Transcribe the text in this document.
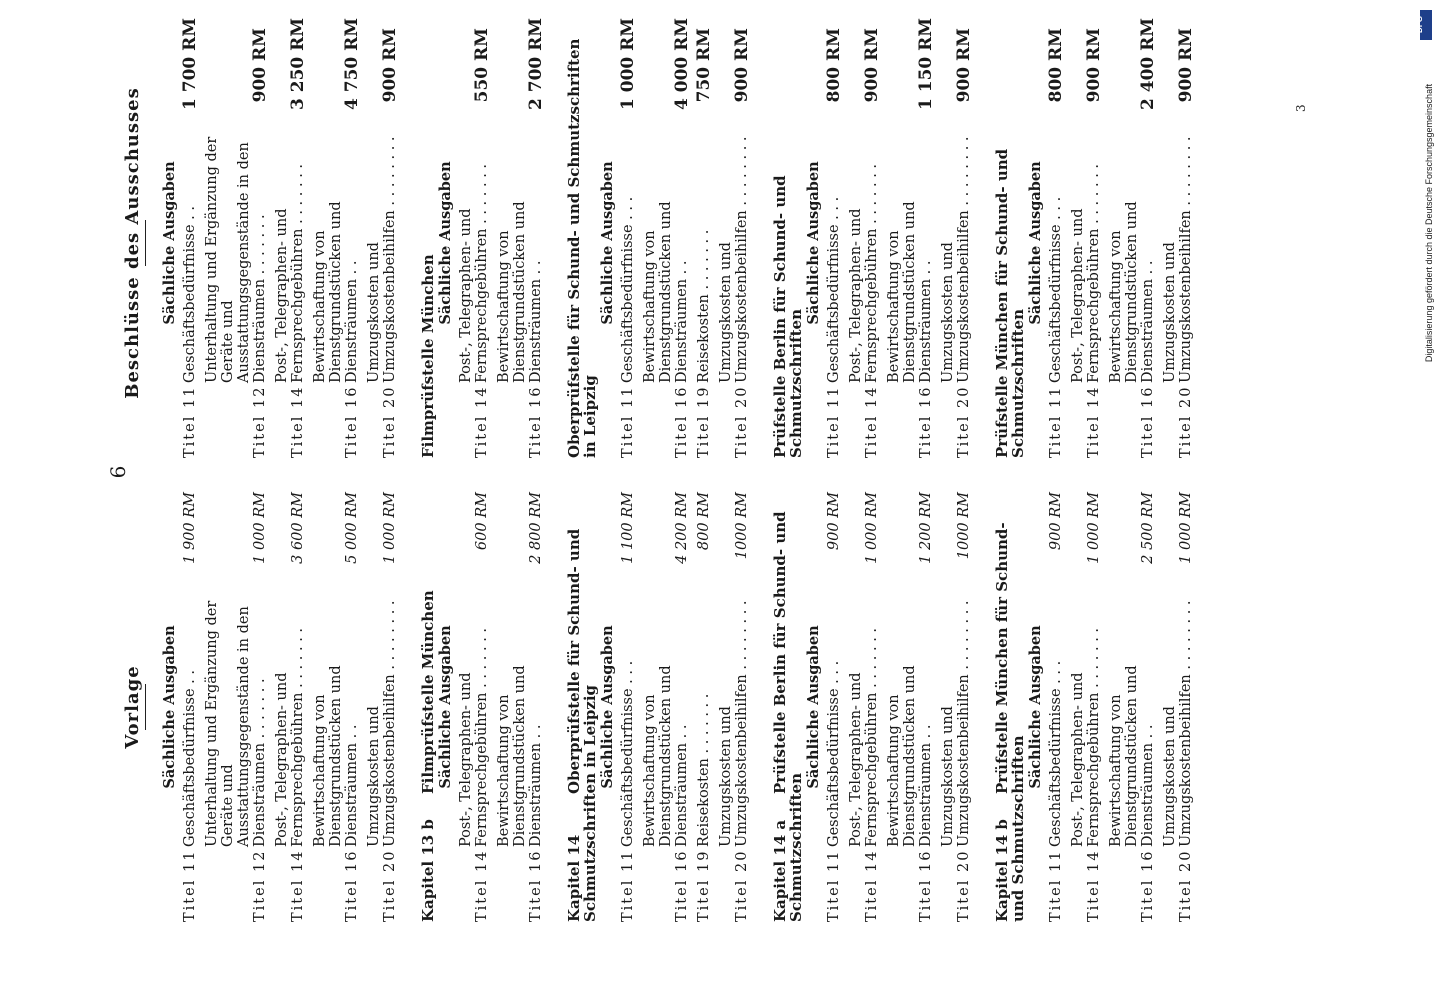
6
Vorlage Sächliche Ausgaben
Titel 11
Geschäftsbedürfnisse . .
1 900 RM
Titel 12
Unterhaltung und Ergänzung der Geräte und Ausstattungsgegenstände in den Diensträumen . . . . . . .
1 000 RM
Titel 14
Post-, Telegraphen- und Fernsprechgebühren . . . . . . .
3 600 RM
Titel 16
Bewirtschaftung von Dienstgrundstücken und Diensträumen . .
5 000 RM
Titel 20
Umzugskosten und Umzugskostenbeihilfen . . . . . . . .
1 000 RM
Kapitel 13 bFilmprüfstelle München Sächliche Ausgaben
Titel 14
Post-, Telegraphen- und Fernsprechgebühren . . . . . . .
600 RM
Titel 16
Bewirtschaftung von Dienstgrundstücken und Diensträumen . .
2 800 RM
Kapitel 14Oberprüfstelle für Schund- und Schmutzschriften in Leipzig Sächliche Ausgaben
Titel 11
Geschäftsbedürfnisse . . .
1 100 RM
Titel 16
Bewirtschaftung von Dienstgrundstücken und Diensträumen . .
4 200 RM
Titel 19
Reisekosten . . . . . . .
800 RM
Titel 20
Umzugskosten und Umzugskostenbeihilfen . . . . . . . .
1000 RM
Kapitel 14 aPrüfstelle Berlin für Schund- und Schmutzschriften
Sächliche Ausgaben
Titel 11
Geschäftsbedürfnisse . . .
900 RM
Titel 14
Post-, Telegraphen- und Fernsprechgebühren . . . . . . .
1 000 RM
Titel 16
Bewirtschaftung von Dienstgrundstücken und Diensträumen . .
1 200 RM
Titel 20
Umzugskosten und Umzugskostenbeihilfen . . . . . . . .
1000 RM
Kapitel 14 bPrüfstelle München für Schund- und Schmutzschriften
Sächliche Ausgaben
Titel 11
Geschäftsbedürfnisse . . .
900 RM
Titel 14
Post-, Telegraphen- und Fernsprechgebühren . . . . . . .
1 000 RM
Titel 16
Bewirtschaftung von Dienstgrundstücken und Diensträumen . .
2 500 RM
Titel 20
Umzugskosten und Umzugskostenbeihilfen . . . . . . . .
1 000 RM
Beschlüsse des Ausschusses Sächliche Ausgaben
Titel 11
Geschäftsbedürfnisse . .
1 700 RM
Titel 12
Unterhaltung und Ergänzung der Geräte und Ausstattungsgegenstände in den Diensträumen . . . . . . .
900 RM
Titel 14
Post-, Telegraphen- und Fernsprechgebühren . . . . . . .
3 250 RM
Titel 16
Bewirtschaftung von Dienstgrundstücken und Diensträumen . .
4 750 RM
Titel 20
Umzugskosten und Umzugskostenbeihilfen . . . . . . . .
900 RM
Filmprüfstelle München
Sächliche Ausgaben
Titel 14
Post-, Telegraphen- und Fernsprechgebühren . . . . . . .
550 RM
Titel 16
Bewirtschaftung von Dienstgrundstücken und Diensträumen . .
2 700 RM Oberprüfstelle für Schund- und Schmutzschriften in Leipzig
Sächliche Ausgaben
Titel 11
Geschäftsbedürfnisse . . .
1 000 RM
Titel 16
Bewirtschaftung von Dienstgrundstücken und Diensträumen . .
4 000 RM
Titel 19
Reisekosten . . . . . . .
750 RM
Titel 20
Umzugskosten und Umzugskostenbeihilfen . . . . . . . .
900 RM
Prüfstelle Berlin für Schund- und Schmutzschriften
Sächliche Ausgaben
Titel 11
Geschäftsbedürfnisse . . .
800 RM
Titel 14
Post-, Telegraphen- und Fernsprechgebühren . . . . . . .
900 RM
Titel 16
Bewirtschaftung von Dienstgrundstücken und Diensträumen . .
1 150 RM
Titel 20
Umzugskosten und Umzugskostenbeihilfen . . . . . . . .
900 RM
Prüfstelle München für Schund- und Schmutzschriften
Sächliche Ausgaben
Titel 11
Geschäftsbedürfnisse . . .
800 RM
Titel 14
Post-, Telegraphen- und Fernsprechgebühren . . . . . . .
900 RM
Titel 16
Bewirtschaftung von Dienstgrundstücken und Diensträumen . .
2 400 RM
Titel 20
Umzugskosten und Umzugskostenbeihilfen . . . . . . . .
900 RM
3
DFG
Digitalisierung gefördert durch die Deutsche Forschungsgemeinschaft
